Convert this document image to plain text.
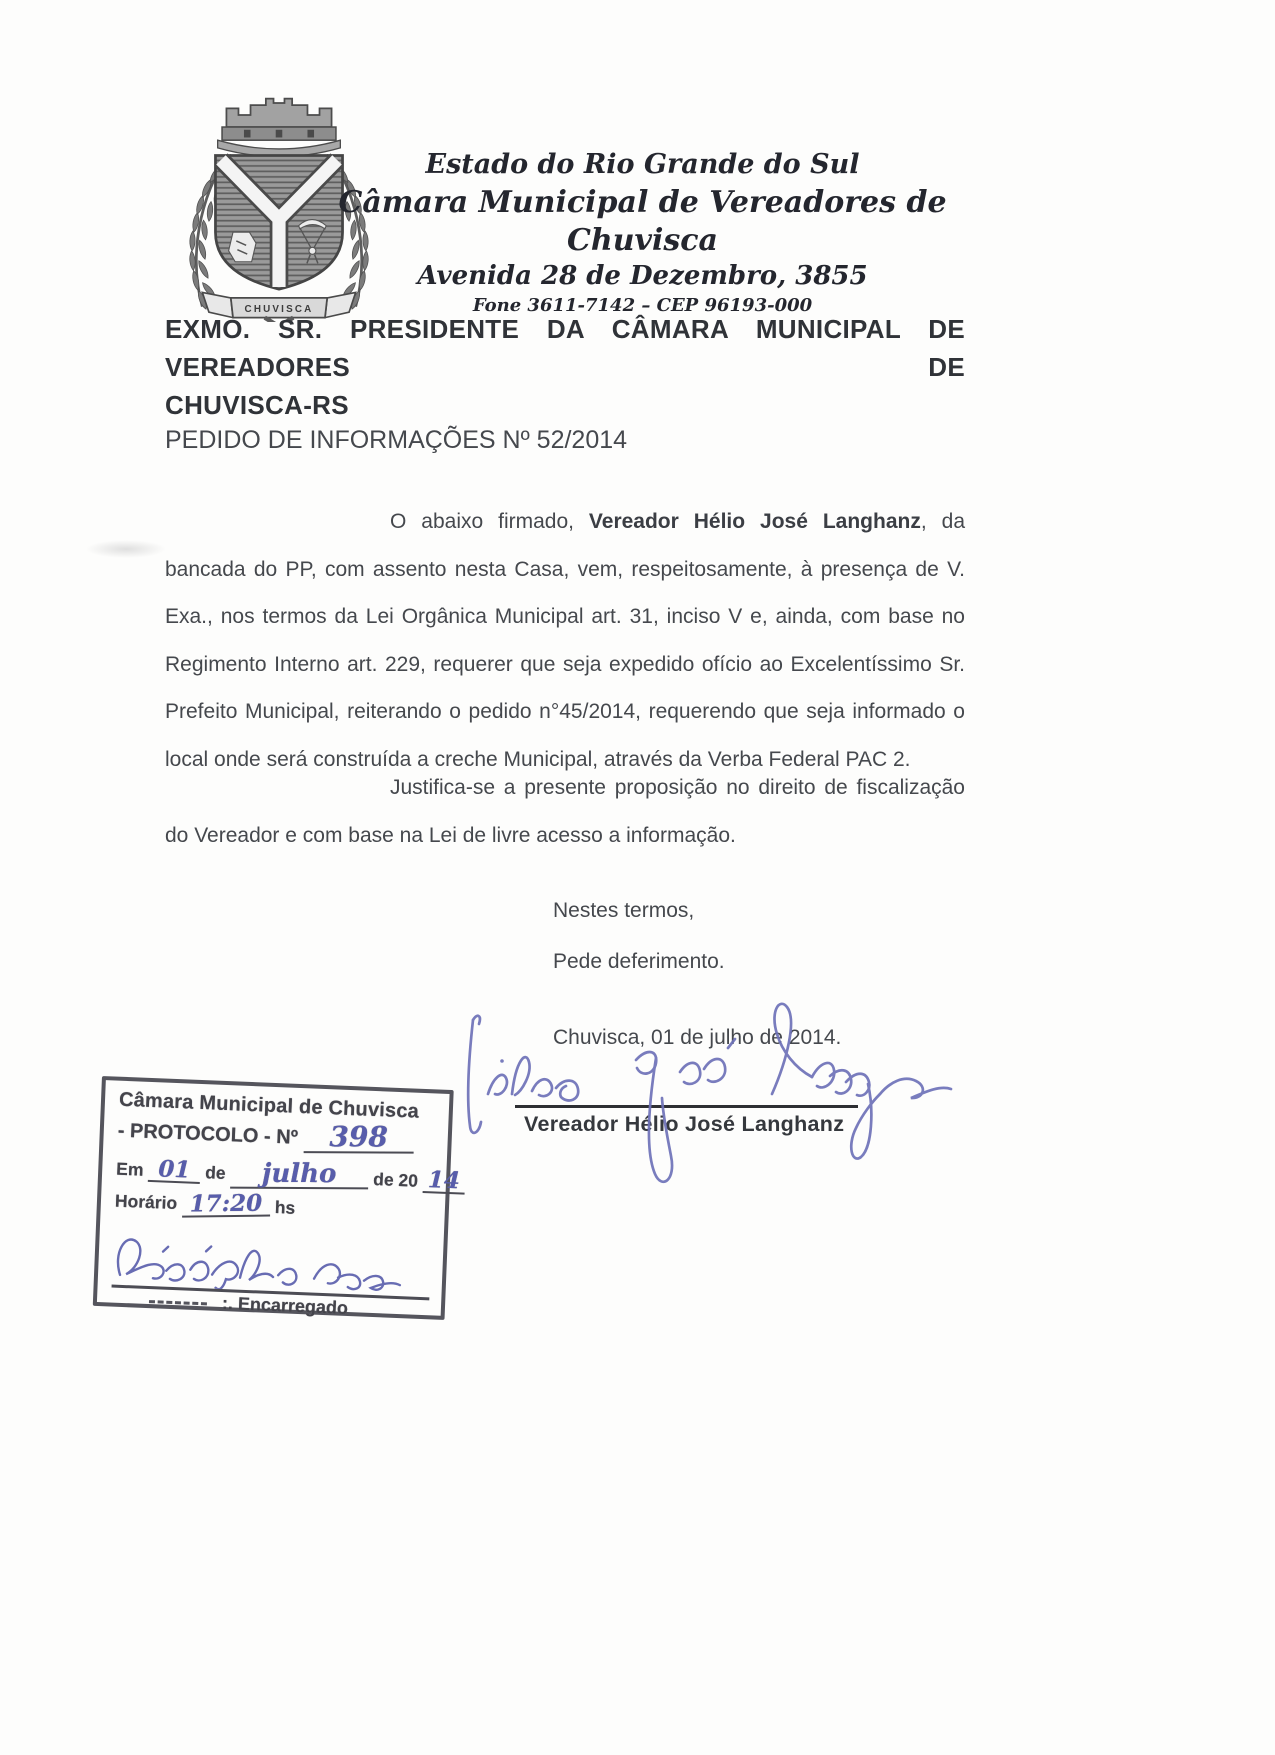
CHUVISCA
Estado do Rio Grande do Sul
Câmara Municipal de Vereadores de Chuvisca
Avenida 28 de Dezembro, 3855
Fone 3611-7142 – CEP 96193-000
EXMO. SR. PRESIDENTE DA CÂMARA MUNICIPAL DE VEREADORES DE
CHUVISCA-RS
PEDIDO DE INFORMAÇÕES Nº 52/2014

O abaixo firmado, Vereador Hélio José Langhanz, da bancada do PP, com assento nesta Casa, vem, respeitosamente, à presença de V. Exa., nos termos da Lei Orgânica Municipal art. 31, inciso V e, ainda, com base no Regimento Interno art. 229, requerer que seja expedido ofício ao Excelentíssimo Sr. Prefeito Municipal, reiterando o pedido n°45/2014, requerendo que seja informado o local onde será construída a creche Municipal, através da Verba Federal PAC 2.

Justifica-se a presente proposição no direito de fiscalização do Vereador e com base na Lei de livre acesso a informação.

Nestes termos,
Pede deferimento.
Chuvisca, 01 de julho de 2014.
Vereador Hélio José Langhanz
Câmara Municipal de Chuvisca
- PROTOCOLO - Nº 398
Em 01 de julho de 20 14
Horário 17:20 hs
:. Encarregado
